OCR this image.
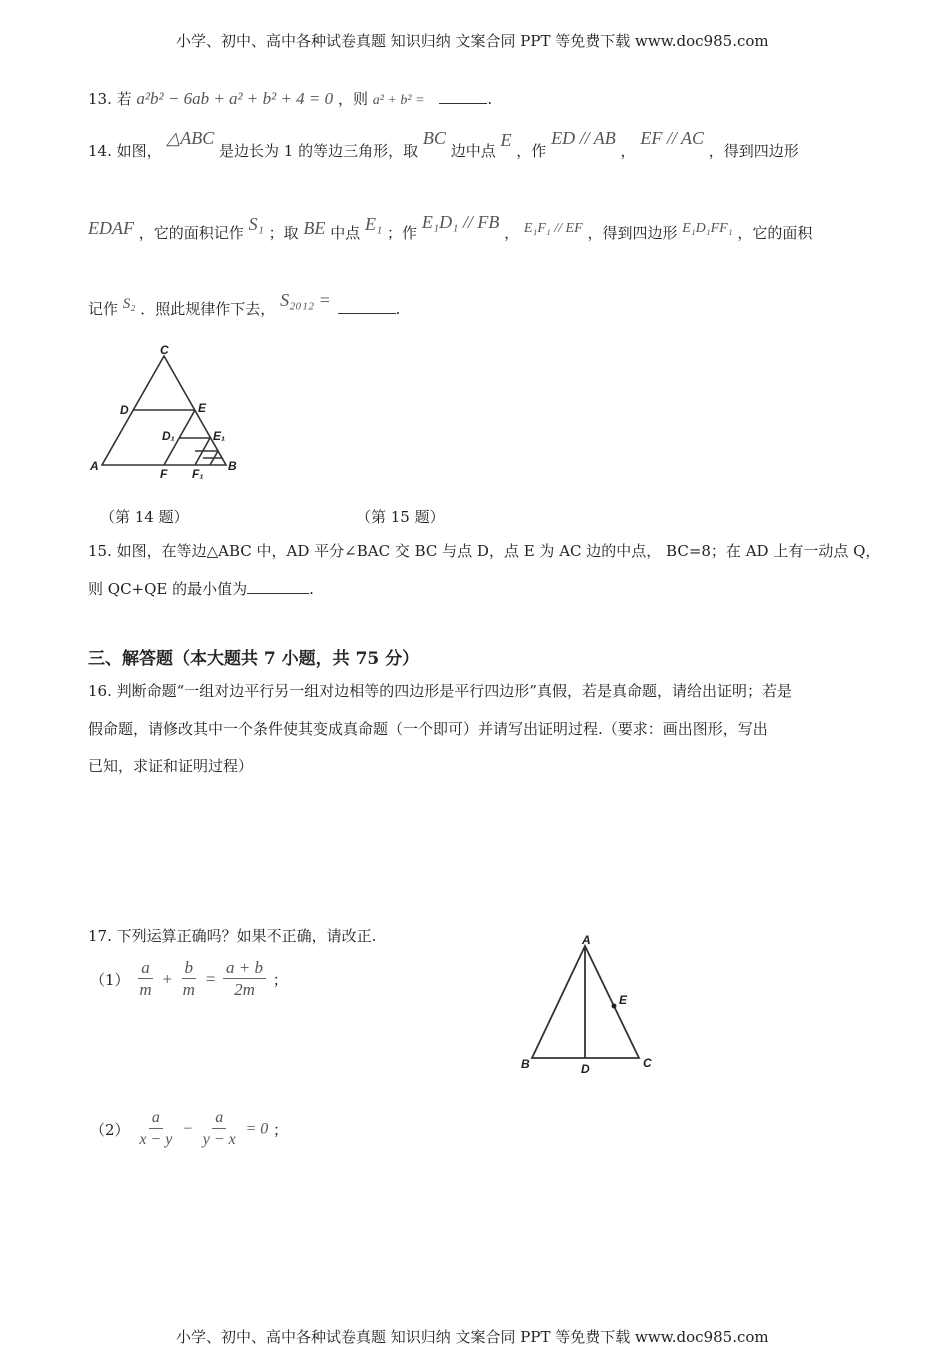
小学、初中、高中各种试卷真题 知识归纳 文案合同 PPT 等免费下载 www.doc985.com
13. 若 a²b² − 6ab + a² + b² + 4 = 0 ，则 a² + b² =	.
14. 如图， △ABC 是边长为 1 的等边三角形，取 BC 边中点 E ，作 ED // AB ， EF // AC ，得到四边形
EDAF ，它的面积记作 S₁ ；取 BE 中点 E₁ ；作 E₁D₁ // FB ， E₁F₁ // EF ，得到四边形 E₁D₁FF₁ ，它的面积
记作 S₂ ．照此规律作下去， S₂₀₁₂ =	.
C
D	E
D₁	E₁
A
F F₁
B
（第 14 题）	（第 15 题）
15. 如图，在等边△ABC 中，AD 平分∠BAC 交 BC 与点 D，点 E 为 AC 边的中点， BC=8；在 AD 上有一动点 Q，
则 QC+QE 的最小值为	.
三、解答题（本大题共 7 小题，共 75 分）
16. 判断命题“一组对边平行另一组对边相等的四边形是平行四边形”真假，若是真命题，请给出证明；若是
假命题，请修改其中一个条件使其变成真命题（一个即可）并请写出证明过程.（要求：画出图形，写出
已知，求证和证明过程）
17. 下列运算正确吗？如果不正确，请改正.
$(1) \frac{a}{m} + \frac{b}{m} = \frac{a + b}{2m}$ ；
$(2) \frac{a}{x - y} - \frac{a}{y - x} = 0$ ；
A
B	C
D
E
小学、初中、高中各种试卷真题 知识归纳 文案合同 PPT 等免费下载 www.doc985.com
